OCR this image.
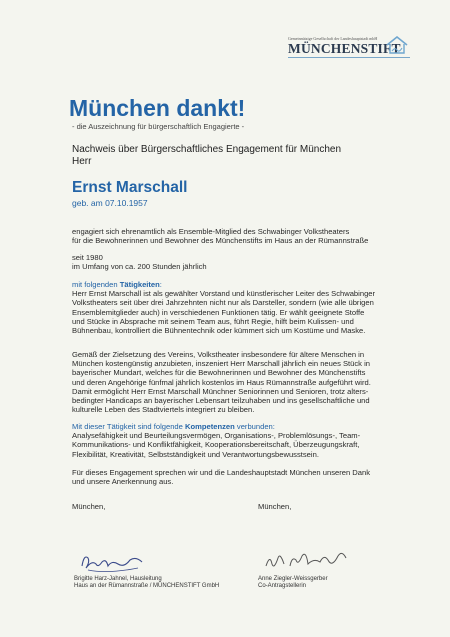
Gemeinnützige Gesellschaft der Landeshauptstadt mbH
MÜNCHENSTIFT
München dankt!
- die Auszeichnung für bürgerschaftlich Engagierte -
Nachweis über Bürgerschaftliches Engagement für München
Herr
Ernst Marschall
geb. am 07.10.1957
engagiert sich ehrenamtlich als Ensemble-Mitglied des Schwabinger Volkstheaters
für die Bewohnerinnen und Bewohner des Münchenstifts im Haus an der Rümannstraße
seit 1980
im Umfang von ca. 200 Stunden jährlich
mit folgenden Tätigkeiten:
Herr Ernst Marschall ist als gewählter Vorstand und künstlerischer Leiter des Schwabinger
Volkstheaters seit über drei Jahrzehnten nicht nur als Darsteller, sondern (wie alle übrigen
Ensemblemitglieder auch) in verschiedenen Funktionen tätig. Er wählt geeignete Stoffe
und Stücke in Absprache mit seinem Team aus, führt Regie, hilft beim Kulissen- und
Bühnenbau, kontrolliert die Bühnentechnik oder kümmert sich um Kostüme und Maske.
Gemäß der Zielsetzung des Vereins, Volkstheater insbesondere für ältere Menschen in
München kostengünstig anzubieten, inszeniert Herr Marschall jährlich ein neues Stück in
bayerischer Mundart, welches für die Bewohnerinnen und Bewohner des Münchenstifts
und deren Angehörige fünfmal jährlich kostenlos im Haus Rümannstraße aufgeführt wird.
Damit ermöglicht Herr Ernst Marschall Münchner Seniorinnen und Senioren, trotz alters-
bedingter Handicaps an bayerischer Lebensart teilzuhaben und ins gesellschaftliche und
kulturelle Leben des Stadtviertels integriert zu bleiben.
Mit dieser Tätigkeit sind folgende Kompetenzen verbunden:
Analysefähigkeit und Beurteilungsvermögen, Organisations-, Problemlösungs-, Team-
Kommunikations- und Konfliktfähigkeit, Kooperationsbereitschaft, Überzeugungskraft,
Flexibilität, Kreativität, Selbstständigkeit und Verantwortungsbewusstsein.
Für dieses Engagement sprechen wir und die Landeshauptstadt München unseren Dank
und unsere Anerkennung aus.
München,	München,
Brigitte Harz-Jahnel, Hausleitung
Haus an der Rümannstraße / MÜNCHENSTIFT GmbH
Anne Ziegler-Weissgerber
Co-Antragstellerin
